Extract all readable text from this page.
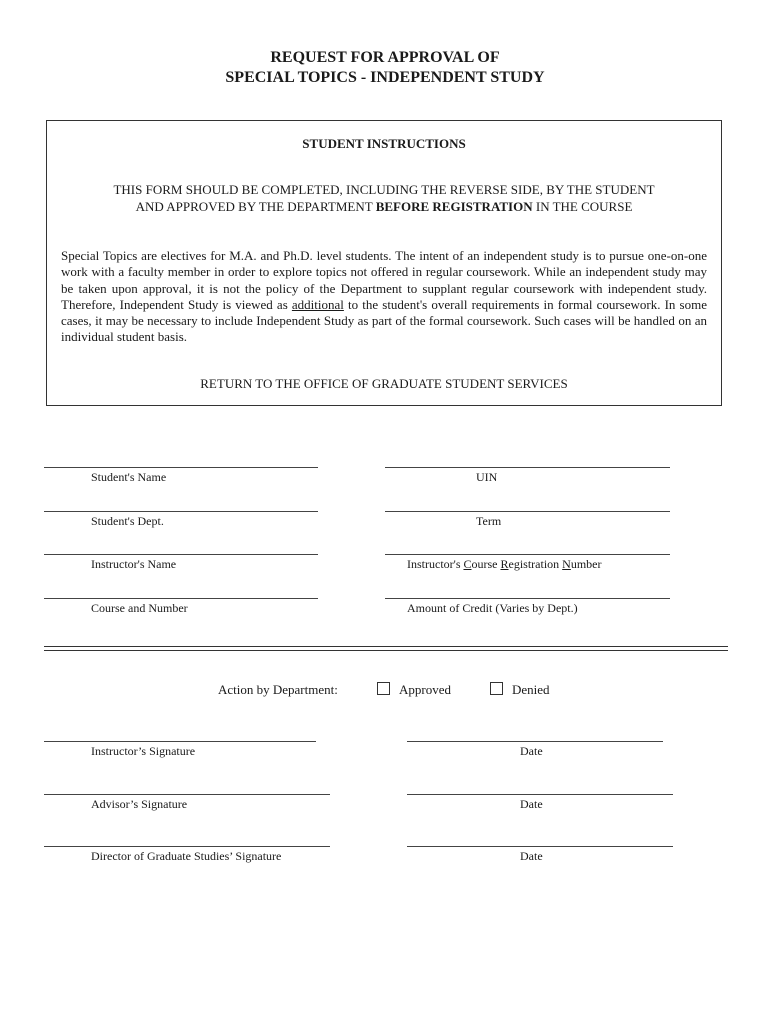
REQUEST FOR APPROVAL OF
SPECIAL TOPICS - INDEPENDENT STUDY
STUDENT INSTRUCTIONS
THIS FORM SHOULD BE COMPLETED, INCLUDING THE REVERSE SIDE, BY THE STUDENT
AND APPROVED BY THE DEPARTMENT BEFORE REGISTRATION IN THE COURSE
Special Topics are electives for M.A. and Ph.D. level students. The intent of an independent study is to pursue one-on-one work with a faculty member in order to explore topics not offered in regular coursework. While an independent study may be taken upon approval, it is not the policy of the Department to supplant regular coursework with independent study. Therefore, Independent Study is viewed as additional to the student's overall requirements in formal coursework. In some cases, it may be necessary to include Independent Study as part of the formal coursework. Such cases will be handled on an individual student basis.
RETURN TO THE OFFICE OF GRADUATE STUDENT SERVICES
Student's Name	UIN
Student's Dept.	Term
Instructor's Name	Instructor's Course Registration Number
Course and Number	Amount of Credit (Varies by Dept.)
Action by Department:	Approved	Denied
Instructor’s Signature	Date
Advisor’s Signature	Date
Director of Graduate Studies’ Signature	Date
